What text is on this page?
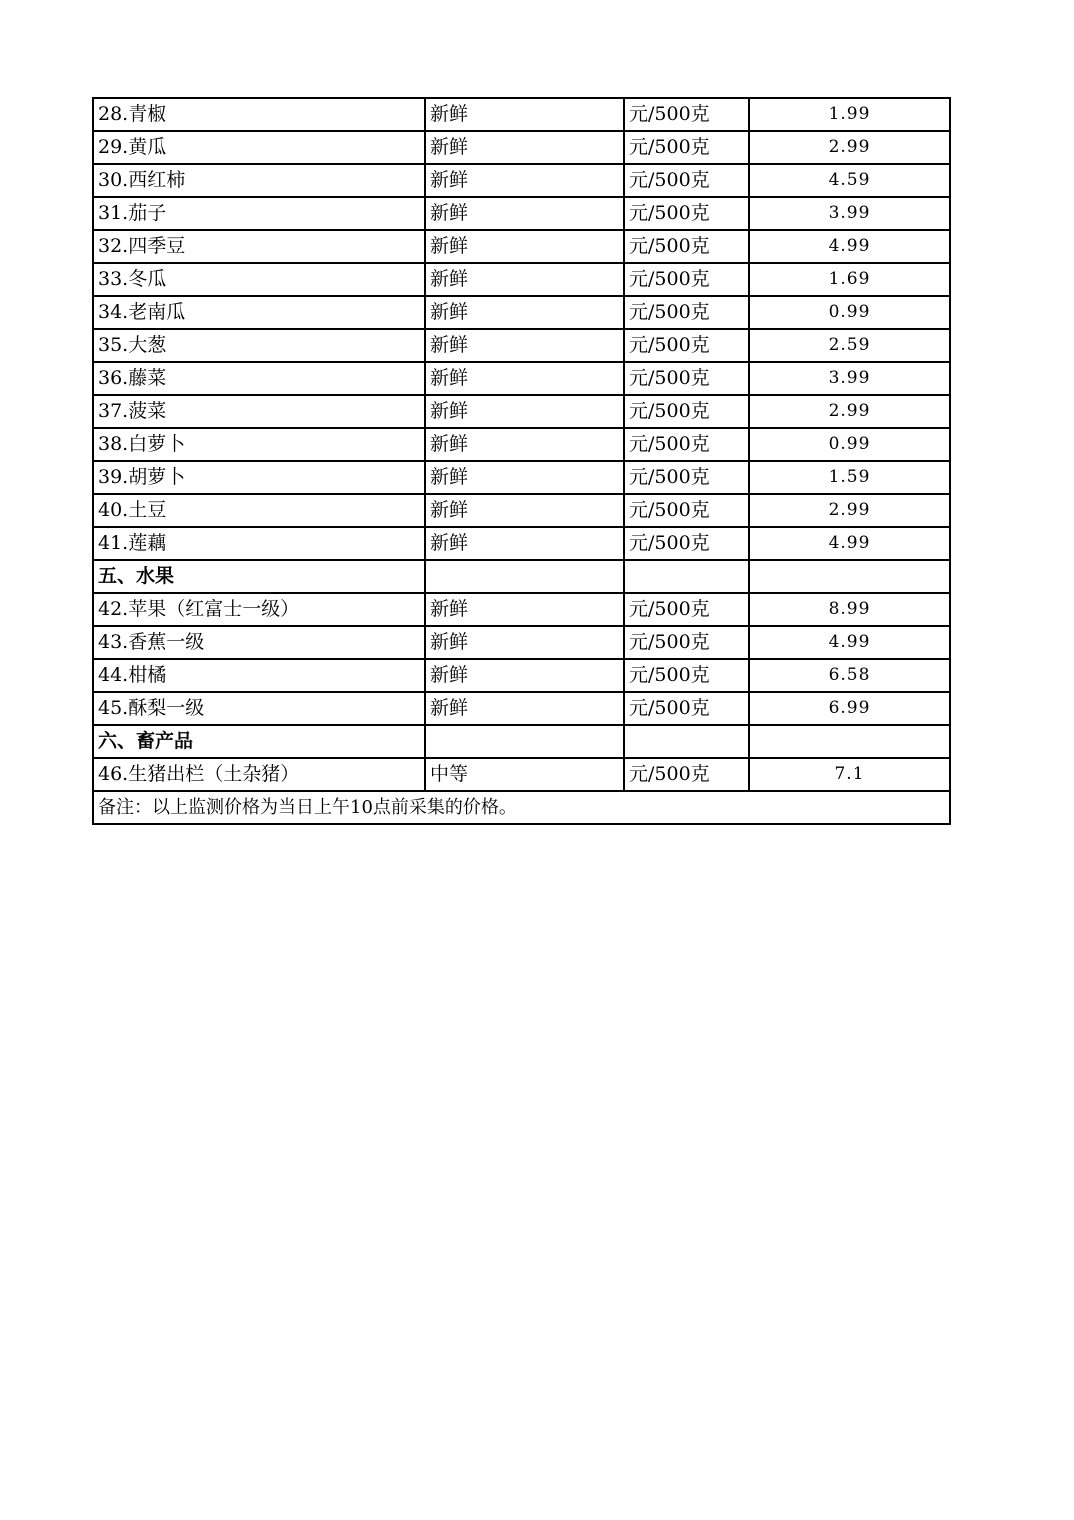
28.青椒	新鲜	元/500克	1.99
29.黄瓜	新鲜	元/500克	2.99
30.西红柿	新鲜	元/500克	4.59
31.茄子	新鲜	元/500克	3.99
32.四季豆	新鲜	元/500克	4.99
33.冬瓜	新鲜	元/500克	1.69
34.老南瓜	新鲜	元/500克	0.99
35.大葱	新鲜	元/500克	2.59
36.藤菜	新鲜	元/500克	3.99
37.菠菜	新鲜	元/500克	2.99
38.白萝卜	新鲜	元/500克	0.99
39.胡萝卜	新鲜	元/500克	1.59
40.土豆	新鲜	元/500克	2.99
41.莲藕	新鲜	元/500克	4.99
五、水果			
42.苹果（红富士一级）	新鲜	元/500克	8.99
43.香蕉一级	新鲜	元/500克	4.99
44.柑橘	新鲜	元/500克	6.58
45.酥梨一级	新鲜	元/500克	6.99
六、畜产品			
46.生猪出栏（土杂猪）	中等	元/500克	7.1
备注：以上监测价格为当日上午10点前采集的价格。			
